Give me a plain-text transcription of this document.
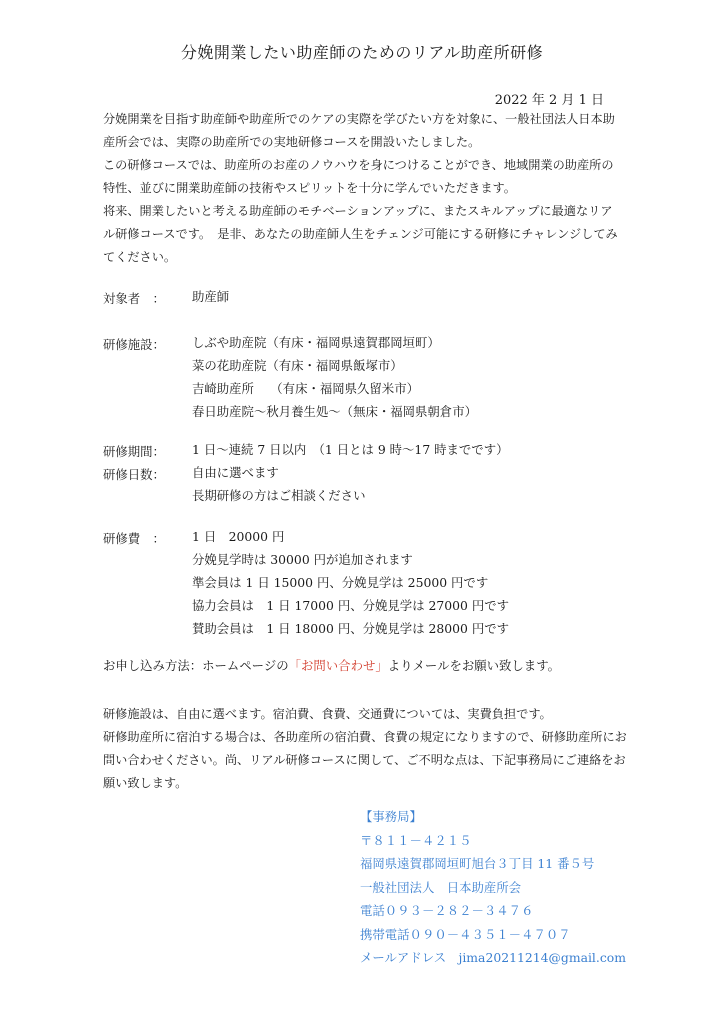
分娩開業したい助産師のためのリアル助産所研修
2022 年 2 月 1 日

分娩開業を目指す助産師や助産所でのケアの実際を学びたい方を対象に、一般社団法人日本助産所会では、実際の助産所での実地研修コースを開設いたしました。

この研修コースでは、助産所のお産のノウハウを身につけることができ、地域開業の助産所の特性、並びに開業助産師の技術やスピリットを十分に学んでいただきます。

将来、開業したいと考える助産師のモチベーションアップに、またスキルアップに最適なリアル研修コースです。　是非、あなたの助産師人生をチェンジ可能にする研修にチャレンジしてみてください。

対象者　： 助産師
研修施設： しぶや助産院（有床・福岡県遠賀郡岡垣町）
菜の花助産院（有床・福岡県飯塚市）
吉崎助産所　 （有床・福岡県久留米市）
春日助産院～秋月養生処～（無床・福岡県朝倉市）
研修期間： 1 日～連続 7 日以内　（1 日とは 9 時～17 時までです）
研修日数： 自由に選べます
長期研修の方はご相談ください
研修費　： 1 日　20000 円
分娩見学時は 30000 円が追加されます
準会員は 1 日 15000 円、分娩見学は 25000 円です
協力会員は　1 日 17000 円、分娩見学は 27000 円です
賛助会員は　1 日 18000 円、分娩見学は 28000 円です
お申し込み方法：ホームページの「お問い合わせ」よりメールをお願い致します。

研修施設は、自由に選べます。宿泊費、食費、交通費については、実費負担です。

研修助産所に宿泊する場合は、各助産所の宿泊費、食費の規定になりますので、研修助産所にお問い合わせください。尚、リアル研修コースに関して、ご不明な点は、下記事務局にご連絡をお願い致します。

【事務局】
〒８１１－４２１５
福岡県遠賀郡岡垣町旭台３丁目 11 番５号
一般社団法人　日本助産所会
電話０９３－２８２－３４７６
携帯電話０９０－４３５１－４７０７
メールアドレス　jima20211214@gmail.com
